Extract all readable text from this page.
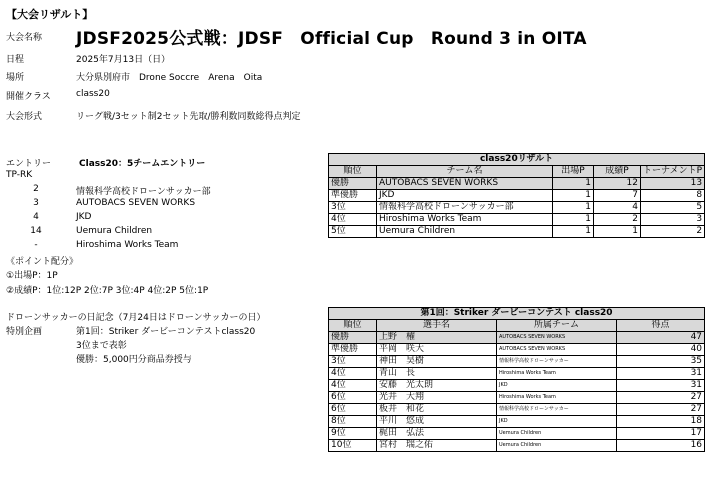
【大会リザルト】
大会名称 JDSF2025公式戦：JDSF　Official Cup　Round 3 in OITA
日程	2025年7月13日（日）
場所	大分県別府市　Drone Soccre　Arena　Oita
開催クラス	class20
大会形式	リーグ戦/3セット制2セット先取/勝利数同数総得点判定
エントリー	Class20：5チームエントリー
TP-RK
2	情報科学高校ドローンサッカー部
3	AUTOBACS SEVEN WORKS
4	JKD
14	Uemura Children
-	Hiroshima Works Team
《ポイント配分》
①出場P：1P
②成績P：1位:12P 2位:7P 3位:4P 4位:2P 5位:1P
ドローンサッカーの日記念（7月24日はドローンサッカーの日）
特別企画	第1回：Striker ダービーコンテストclass20
3位まで表彰
優勝：5,000円分商品券授与
class20リザルト				
順位	チーム名	出場P	成績P	トーナメントP
優勝	AUTOBACS SEVEN WORKS	1	12	13
準優勝	JKD	1	7	8
3位	情報科学高校ドローンサッカー部	1	4	5
4位	Hiroshima Works Team	1	2	3
5位	Uemura Children	1	1	2
第1回：Striker ダービーコンテスト class20			
順位	選手名	所属チーム	得点
優勝	上野　櫂	AUTOBACS SEVEN WORKS	47
準優勝	平岡　咲大	AUTOBACS SEVEN WORKS	40
3位	神田　昊樹	情報科学高校ドローンサッカー	35
4位	青山　長	Hiroshima Works Team	31
4位	安藤　光太朗	JKD	31
6位	光井　大翔	Hiroshima Works Team	27
6位	板井　和花	情報科学高校ドローンサッカー	27
8位	平川　悠成	JKD	18
9位	梶田　弘法	Uemura Children	17
10位	宮村　瑞之佑	Uemura Children	16
